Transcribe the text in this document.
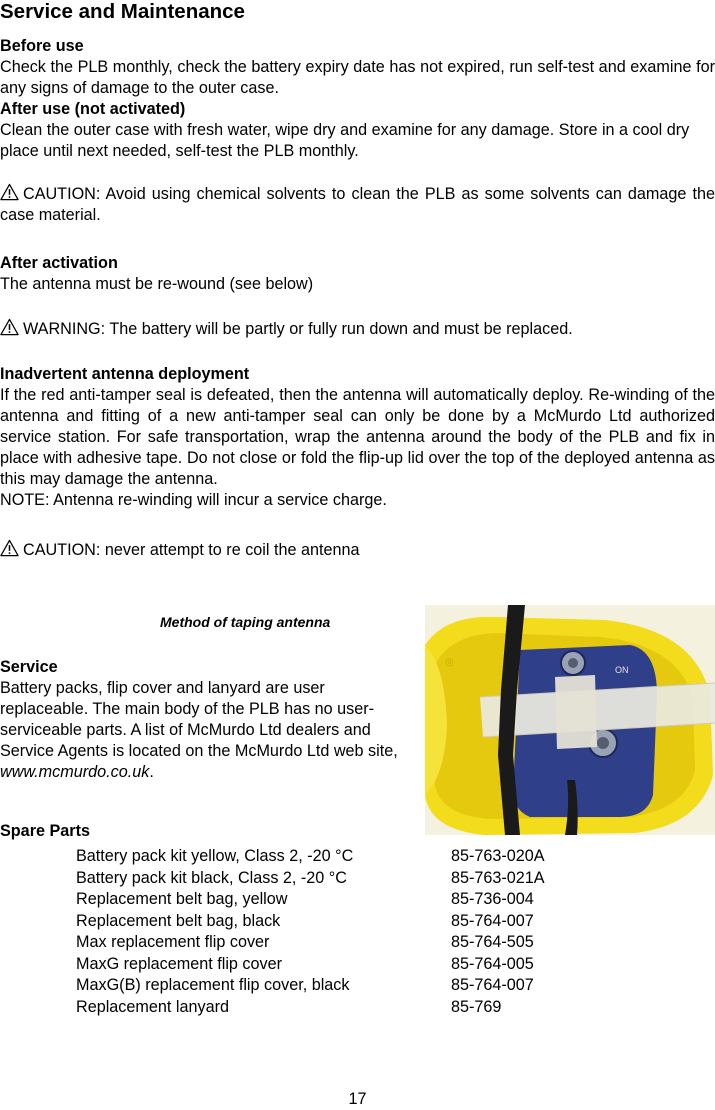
Service and Maintenance
Before use
Check the PLB monthly, check the battery expiry date has not expired, run self-test and examine for any signs of damage to the outer case.
After use (not activated)
Clean the outer case with fresh water, wipe dry and examine for any damage. Store in a cool dry place until next needed, self-test the PLB monthly.
CAUTION: Avoid using chemical solvents to clean the PLB as some solvents can damage the case material.
After activation
The antenna must be re-wound (see below)
WARNING: The battery will be partly or fully run down and must be replaced.
Inadvertent antenna deployment
If the red anti-tamper seal is defeated, then the antenna will automatically deploy. Re-winding of the antenna and fitting of a new anti-tamper seal can only be done by a McMurdo Ltd authorized service station. For safe transportation, wrap the antenna around the body of the PLB and fix in place with adhesive tape. Do not close or fold the flip-up lid over the top of the deployed antenna as this may damage the antenna.
NOTE: Antenna re-winding will incur a service charge.
CAUTION: never attempt to re coil the antenna
Method of taping antenna
ON
◎
Service
Battery packs, flip cover and lanyard are user replaceable. The main body of the PLB has no user-serviceable parts. A list of McMurdo Ltd dealers and Service Agents is located on the McMurdo Ltd web site, www.mcmurdo.co.uk.
Spare Parts
Battery pack kit yellow, Class 2, -20 °C	85-763-020A
Battery pack kit black, Class 2, -20 °C	85-763-021A
Replacement belt bag, yellow	85-736-004
Replacement belt bag, black	85-764-007
Max replacement flip cover	85-764-505
MaxG replacement flip cover	85-764-005
MaxG(B) replacement flip cover, black	85-764-007
Replacement lanyard	85-769
17
